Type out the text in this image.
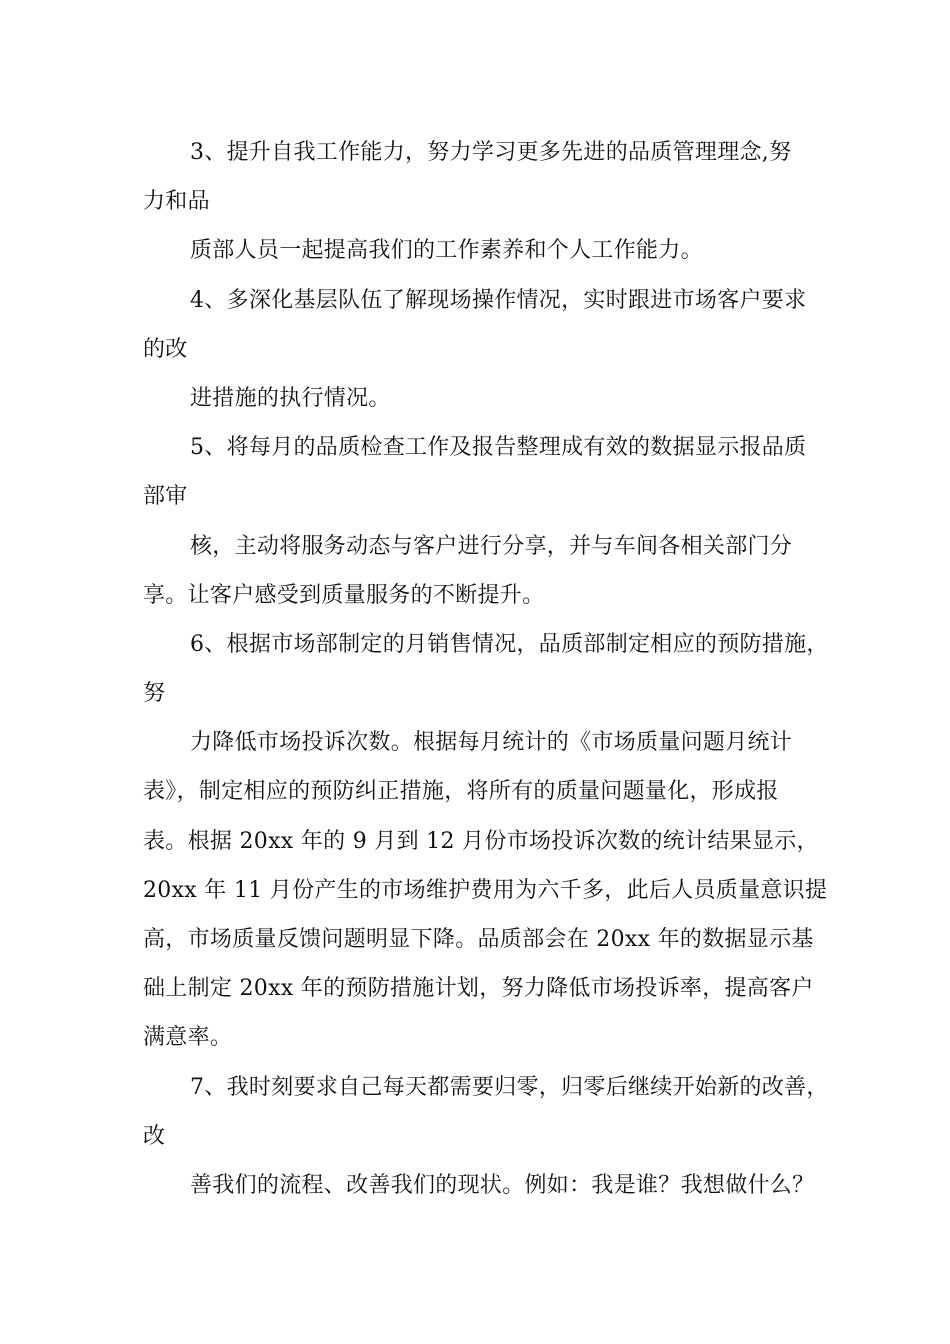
3、提升自我工作能力，努力学习更多先进的品质管理理念,努
力和品
质部人员一起提高我们的工作素养和个人工作能力。
4、多深化基层队伍了解现场操作情况，实时跟进市场客户要求
的改
进措施的执行情况。
5、将每月的品质检查工作及报告整理成有效的数据显示报品质
部审
核，主动将服务动态与客户进行分享，并与车间各相关部门分
享。让客户感受到质量服务的不断提升。
6、根据市场部制定的月销售情况，品质部制定相应的预防措施，
努
力降低市场投诉次数。根据每月统计的《市场质量问题月统计
表》，制定相应的预防纠正措施，将所有的质量问题量化，形成报
表。根据 20xx 年的 9 月到 12 月份市场投诉次数的统计结果显示，
20xx 年 11 月份产生的市场维护费用为六千多，此后人员质量意识提
高，市场质量反馈问题明显下降。品质部会在 20xx 年的数据显示基
础上制定 20xx 年的预防措施计划，努力降低市场投诉率，提高客户
满意率。
7、我时刻要求自己每天都需要归零，归零后继续开始新的改善，
改
善我们的流程、改善我们的现状。例如：我是谁？我想做什么？
